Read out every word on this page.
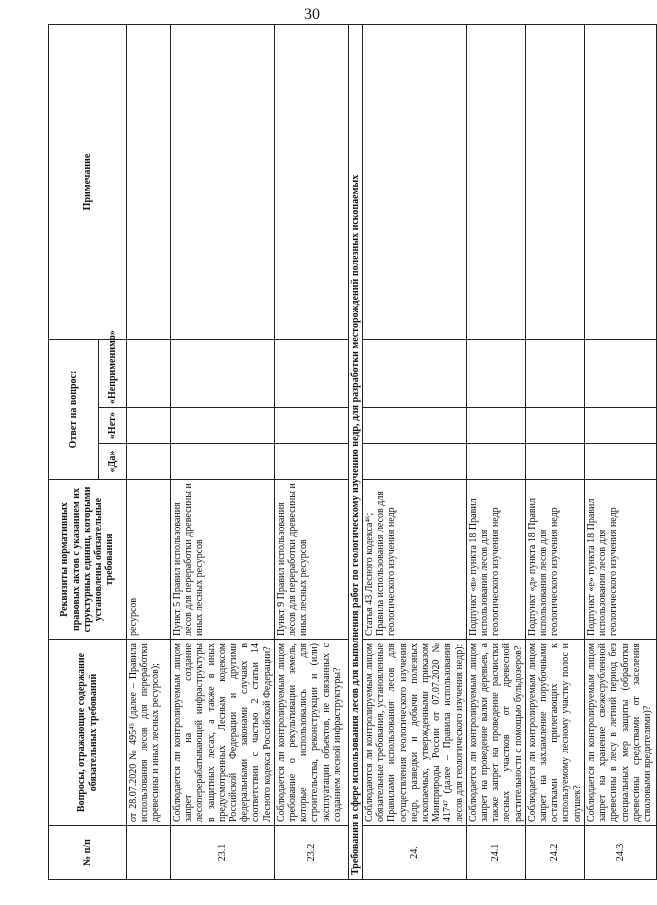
30
№ п/п	Вопросы, отражающие содержание обязательных требований	Реквизиты нормативных правовых актов с указанием их структурных единиц, которыми установлены обязательные требования	Ответ на вопрос:			Примечание
			«Да»	«Нет»	«Неприменимо»	
	от 28.07.2020 № 495⁴⁵ (далее – Правила использования лесов для переработки древесины и иных лесных ресурсов);	ресурсов				
23.1	Соблюдается ли контролируемым лицом запрет на создание лесоперерабатывающей инфраструктуры в защитных лесах, а также в иных предусмотренных Лесным кодексом Российской Федерации и другими федеральными законами случаях в соответствии с частью 2 статьи 14 Лесного кодекса Российской Федерации?	Пункт 5 Правил использования лесов для переработки древесины и иных лесных ресурсов				
23.2	Соблюдается ли контролируемым лицом требование о рекультивации земель, которые использовались для строительства, реконструкции и (или) эксплуатации объектов, не связанных с созданием лесной инфраструктуры?	Пункт 9 Правил использования лесов для переработки древесины и иных лесных ресурсов				
Требования в сфере использования лесов для выполнения работ по геологическому изучению недр, для разработки месторождений полезных ископаемых						
24.	Соблюдаются ли контролируемым лицом обязательные требования, установленные Правилами использования лесов для осуществления геологического изучения недр, разведки и добычи полезных ископаемых, утвержденными приказом Минприроды России от 07.07.2020 № 417⁴⁷ (далее – Правила использования лесов для геологического изучения недр):	Статья 43 Лесного кодекса⁴⁶; Правила использования лесов для геологического изучения недр				
24.1	Соблюдается ли контролируемым лицом запрет на проведение валки деревьев, а также запрет на проведение расчистки лесных участков от древесной растительности с помощью бульдозеров?	Подпункт «в» пункта 18 Правил использования лесов для геологического изучения недр				
24.2	Соблюдается ли контролируемым лицом запрет на захламление порубочными остатками прилегающих к используемому лесному участку полос и опушек?	Подпункт «д» пункта 18 Правил использования лесов для геологического изучения недр				
24.3	Соблюдается ли контролируемым лицом запрет на хранение свежесрубленной древесины в лесу в летний период без специальных мер защиты (обработки древесины средствами от заселения стволовыми вредителями)?	Подпункт «е» пункта 18 Правил использования лесов для геологического изучения недр				
